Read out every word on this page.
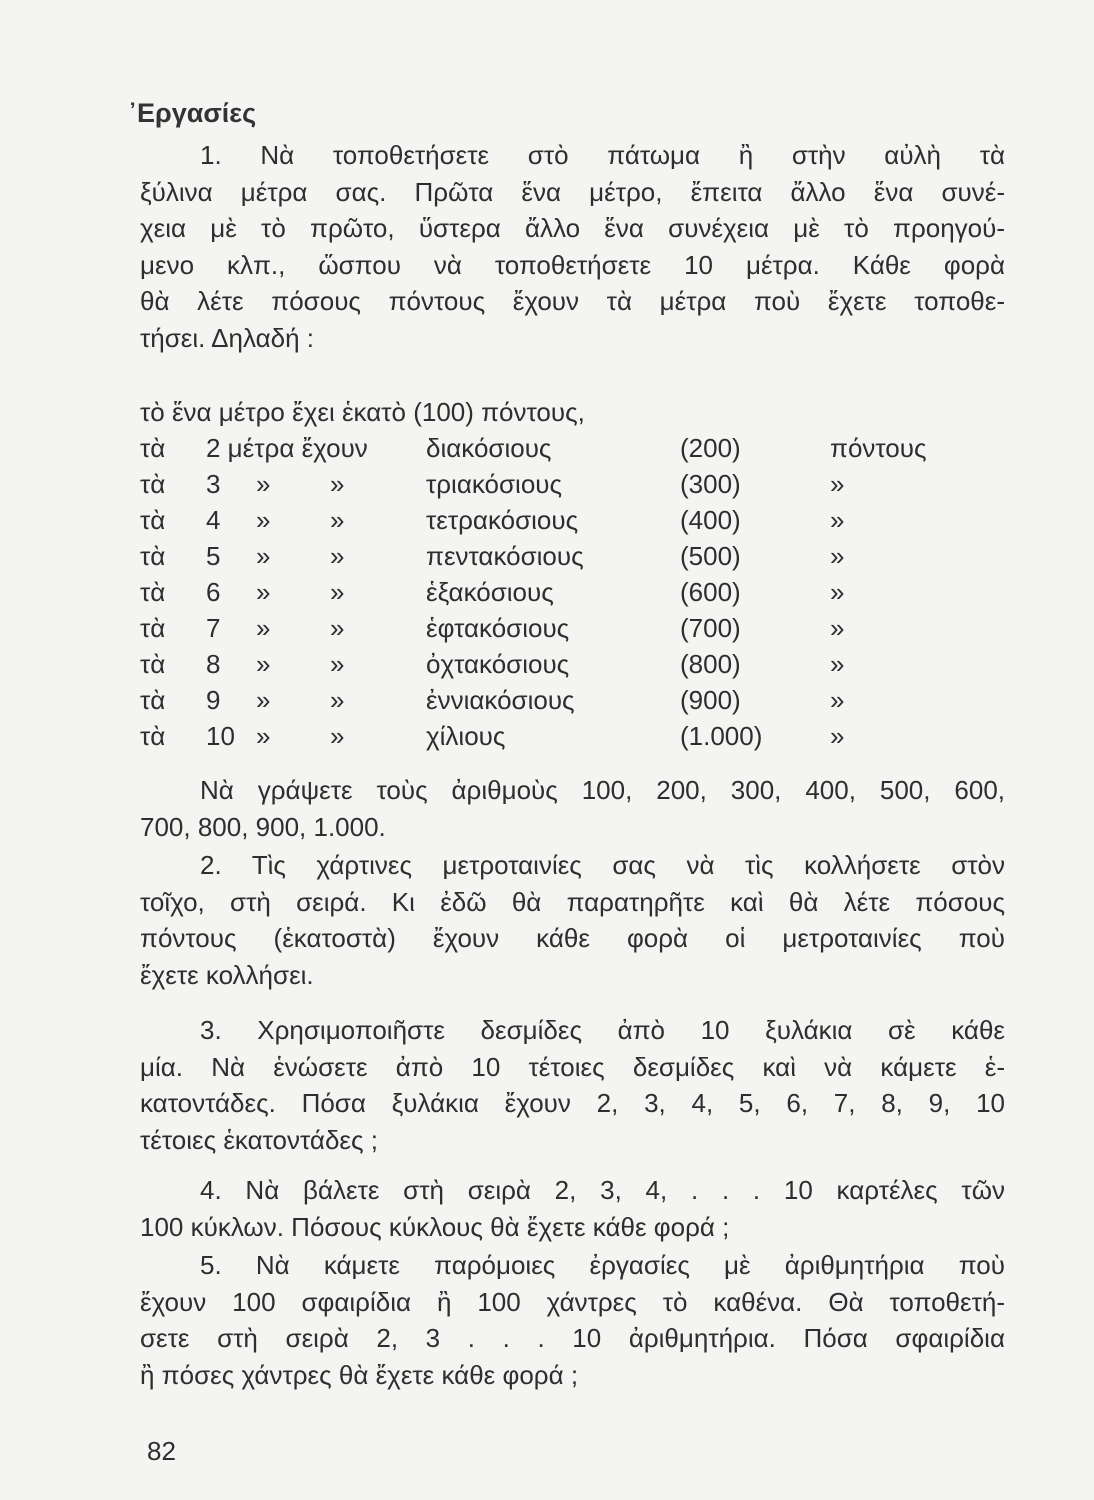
᾿Εργασίες
1. Νὰ τοποθετήσετε στὸ πάτωμα ἢ στὴν αὐλὴ τὰ
ξύλινα μέτρα σας. Πρῶτα ἕνα μέτρο, ἔπειτα ἄλλο ἕνα συνέ-
χεια μὲ τὸ πρῶτο, ὕστερα ἄλλο ἕνα συνέχεια μὲ τὸ προηγού-
μενο κλπ., ὥσπου νὰ τοποθετήσετε 10 μέτρα. Κάθε φορὰ
θὰ λέτε πόσους πόντους ἔχουν τὰ μέτρα ποὺ ἔχετε τοποθε-
τήσει. Δηλαδή :
τὸ ἕνα μέτρο ἔχει ἑκατὸ (100) πόντους,
τὰ 2 μέτρα ἔχουν διακόσιους	(200)	πόντους
τὰ 3 » »	τριακόσιους	(300)	»
τὰ 4 » »	τετρακόσιους	(400)	»
τὰ 5 » »	πεντακόσιους	(500)	»
τὰ 6 » »	ἑξακόσιους	(600)	»
τὰ 7 » »	ἑφτακόσιους	(700)	»
τὰ 8 » »	ὀχτακόσιους	(800)	»
τὰ 9 » »	ἐννιακόσιους	(900)	»
τὰ 10 » »	χίλιους	(1.000)	»
Νὰ γράψετε τοὺς ἀριθμοὺς 100, 200, 300, 400, 500, 600,
700, 800, 900, 1.000.
2. Τὶς χάρτινες μετροταινίες σας νὰ τὶς κολλήσετε στὸν
τοῖχο, στὴ σειρά. Κι ἐδῶ θὰ παρατηρῆτε καὶ θὰ λέτε πόσους
πόντους (ἑκατοστὰ) ἔχουν κάθε φορὰ οἱ μετροταινίες ποὺ
ἔχετε κολλήσει.
3. Χρησιμοποιῆστε δεσμίδες ἀπὸ 10 ξυλάκια σὲ κάθε
μία. Νὰ ἑνώσετε ἀπὸ 10 τέτοιες δεσμίδες καὶ νὰ κάμετε ἑ-
κατοντάδες. Πόσα ξυλάκια ἔχουν 2, 3, 4, 5, 6, 7, 8, 9, 10
τέτοιες ἑκατοντάδες ;
4. Νὰ βάλετε στὴ σειρὰ 2, 3, 4, . . . 10 καρτέλες τῶν
100 κύκλων. Πόσους κύκλους θὰ ἔχετε κάθε φορά ;
5. Νὰ κάμετε παρόμοιες ἐργασίες μὲ ἀριθμητήρια ποὺ
ἔχουν 100 σφαιρίδια ἢ 100 χάντρες τὸ καθένα. Θὰ τοποθετή-
σετε στὴ σειρὰ 2, 3 . . . 10 ἀριθμητήρια. Πόσα σφαιρίδια
ἢ πόσες χάντρες θὰ ἔχετε κάθε φορά ;
82
